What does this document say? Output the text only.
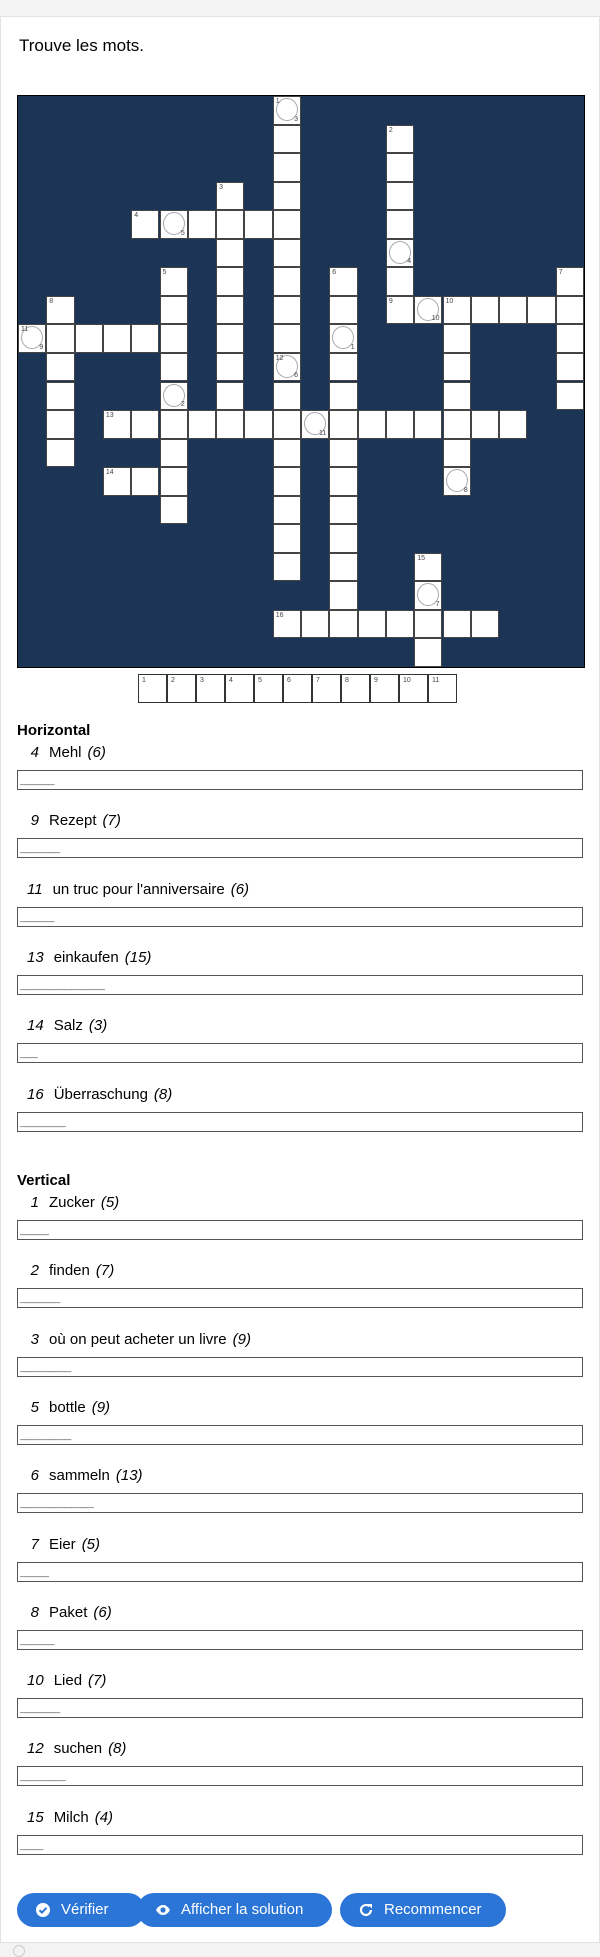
Trouve les mots.
3
1
2
3
4
5
4
5	6	7
8	9
10
10
9
11
1
6
12
2
13
11
14
8
15
7
16
1	2	3	4	5	6	7	8	9	10	11
Horizontal
4 Mehl (6)
______
9 Rezept (7)
_______
11 un truc pour l'anniversaire (6)
______
13 einkaufen (15)
_______________
14 Salz (3)
___
16 Überraschung (8)
________
Vertical
1 Zucker (5)
_____
2 finden (7)
_______
3 où on peut acheter un livre (9)
_________
5 bottle (9)
_________
6 sammeln (13)
_____________
7 Eier (5)
_____
8 Paket (6)
______
10 Lied (7)
_______
12 suchen (8)
________
15 Milch (4)
____
Vérifier	Afficher la solution	Recommencer
